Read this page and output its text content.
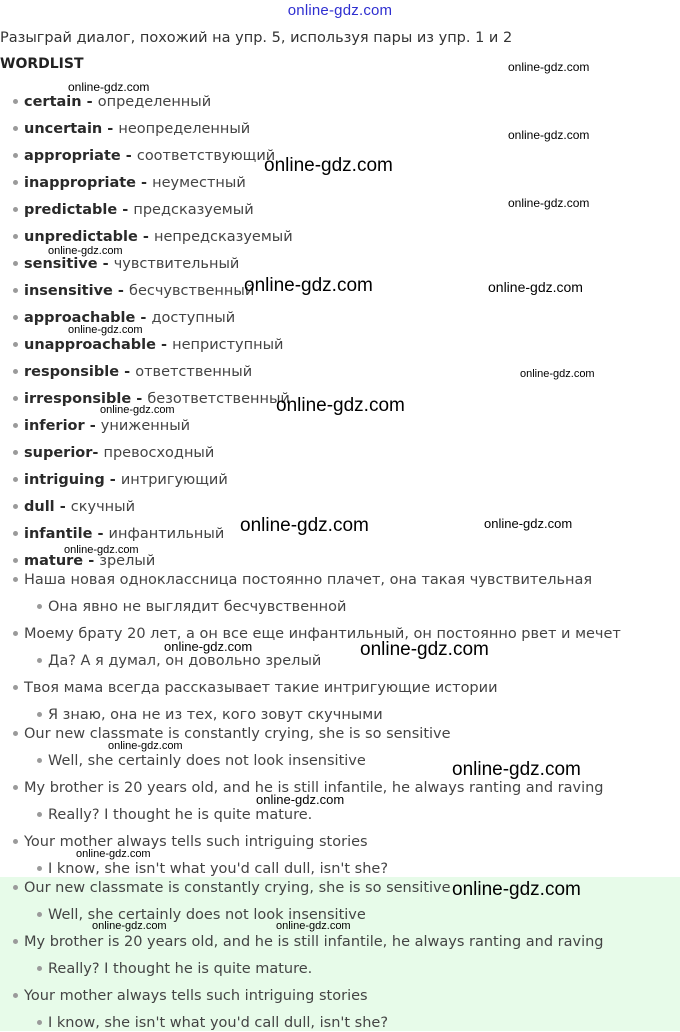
online-gdz.com
Разыграй диалог, похожий на упр. 5, используя пары из упр. 1 и 2
WORDLIST
certain - определенный
uncertain - неопределенный
appropriate - соответствующий
inappropriate - неуместный
predictable - предсказуемый
unpredictable - непредсказуемый
sensitive - чувствительный
insensitive - бесчувственный
approachable - доступный
unapproachable - неприступный
responsible - ответственный
irresponsible - безответственный
inferior - униженный
superior- превосходный
intriguing - интригующий
dull - скучный
infantile - инфантильный
mature - зрелый
Наша новая одноклассница постоянно плачет, она такая чувствительная
Она явно не выглядит бесчувственной
Моему брату 20 лет, а он все еще инфантильный, он постоянно рвет и мечет
Да? А я думал, он довольно зрелый
Твоя мама всегда рассказывает такие интригующие истории
Я знаю, она не из тех, кого зовут скучными
Our new classmate is constantly crying, she is so sensitive
Well, she certainly does not look insensitive
My brother is 20 years old, and he is still infantile, he always ranting and raving
Really? I thought he is quite mature.
Your mother always tells such intriguing stories
I know, she isn't what you'd call dull, isn't she?
Our new classmate is constantly crying, she is so sensitive
Well, she certainly does not look insensitive
My brother is 20 years old, and he is still infantile, he always ranting and raving
Really? I thought he is quite mature.
Your mother always tells such intriguing stories
I know, she isn't what you'd call dull, isn't she?
online-gdz.com
online-gdz.com
online-gdz.com
online-gdz.com
online-gdz.com
online-gdz.com
online-gdz.com	online-gdz.com
online-gdz.com
online-gdz.com
online-gdz.com
online-gdz.com
online-gdz.com	online-gdz.com
online-gdz.com
online-gdz.com	online-gdz.com
online-gdz.com
online-gdz.com
online-gdz.com
online-gdz.com
online-gdz.com
online-gdz.com	online-gdz.com
